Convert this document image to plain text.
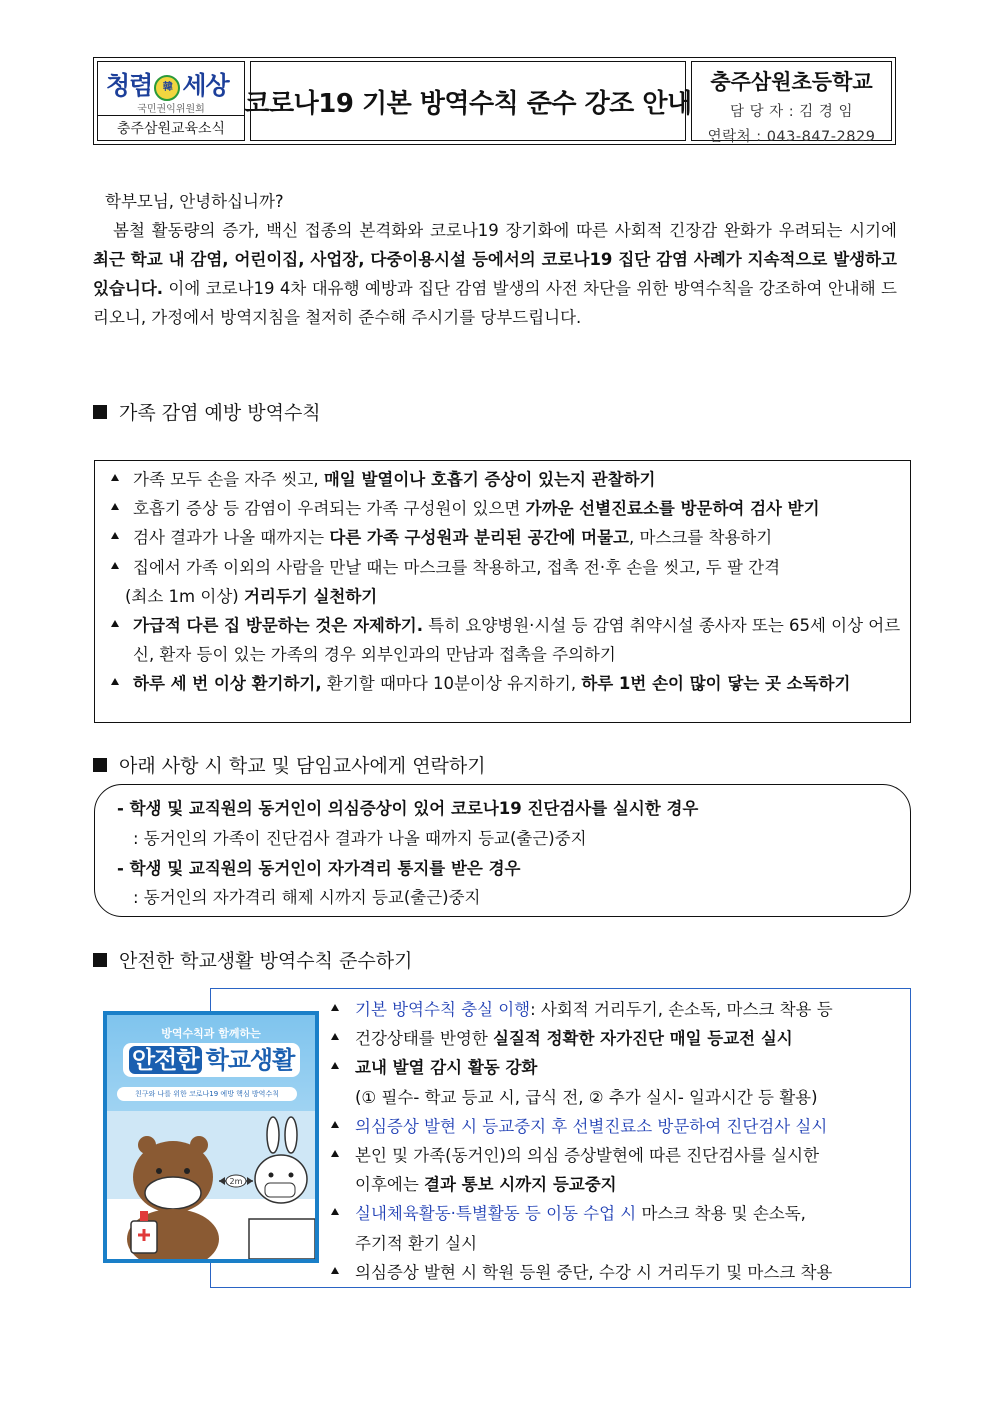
청렴 韓 세상
국민권익위원회
충주삼원교육소식
코로나19 기본 방역수칙 준수 강조 안내
충주삼원초등학교
담 당 자 : 김 경 임
연락처 : 043-847-2829
학부모님, 안녕하십니까?
봄철 활동량의 증가, 백신 접종의 본격화와 코로나19 장기화에 따른 사회적 긴장감 완화가 우려되는 시기에 최근 학교 내 감염, 어린이집, 사업장, 다중이용시설 등에서의 코로나19 집단 감염 사례가 지속적으로 발생하고 있습니다. 이에 코로나19 4차 대유행 예방과 집단 감염 발생의 사전 차단을 위한 방역수칙을 강조하여 안내해 드리오니, 가정에서 방역지침을 철저히 준수해 주시기를 당부드립니다.
가족 감염 예방 방역수칙
가족 모두 손을 자주 씻고, 매일 발열이나 호흡기 증상이 있는지 관찰하기
호흡기 증상 등 감염이 우려되는 가족 구성원이 있으면 가까운 선별진료소를 방문하여 검사 받기
검사 결과가 나올 때까지는 다른 가족 구성원과 분리된 공간에 머물고, 마스크를 착용하기
집에서 가족 이외의 사람을 만날 때는 마스크를 착용하고, 접촉 전·후 손을 씻고, 두 팔 간격
(최소 1m 이상) 거리두기 실천하기
가급적 다른 집 방문하는 것은 자제하기. 특히 요양병원·시설 등 감염 취약시설 종사자 또는 65세 이상 어르신, 환자 등이 있는 가족의 경우 외부인과의 만남과 접촉을 주의하기
하루 세 번 이상 환기하기, 환기할 때마다 10분이상 유지하기, 하루 1번 손이 많이 닿는 곳 소독하기
아래 사항 시 학교 및 담임교사에게 연락하기
- 학생 및 교직원의 동거인이 의심증상이 있어 코로나19 진단검사를 실시한 경우
: 동거인의 가족이 진단검사 결과가 나올 때까지 등교(출근)중지
- 학생 및 교직원의 동거인이 자가격리 통지를 받은 경우
: 동거인의 자가격리 해제 시까지 등교(출근)중지
안전한 학교생활 방역수칙 준수하기
기본 방역수칙 충실 이행: 사회적 거리두기, 손소독, 마스크 착용 등
건강상태를 반영한 실질적 정확한 자가진단 매일 등교전 실시
교내 발열 감시 활동 강화
(① 필수- 학교 등교 시, 급식 전, ② 추가 실시- 일과시간 등 활용)
의심증상 발현 시 등교중지 후 선별진료소 방문하여 진단검사 실시
본인 및 가족(동거인)의 의심 증상발현에 따른 진단검사를 실시한
이후에는 결과 통보 시까지 등교중지
실내체육활동·특별활동 등 이동 수업 시 마스크 착용 및 손소독,
주기적 환기 실시
의심증상 발현 시 학원 등원 중단, 수강 시 거리두기 및 마스크 착용
방역수칙과 함께하는
안전한 학교생활
친구와 나를 위한 코로나19 예방 핵심 방역수칙
2m
